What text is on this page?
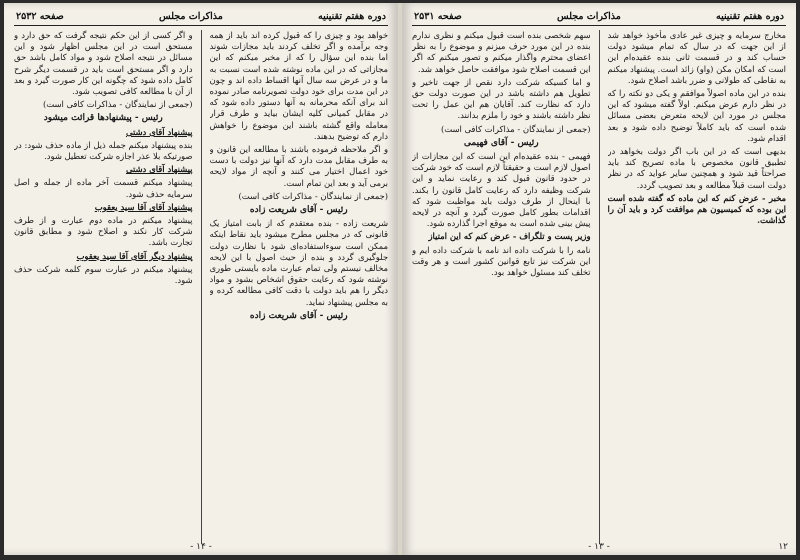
دوره هفتم تقنینیه
مذاکرات مجلس
صفحه ۲۵۳۲

خواهد بود و چیزی را که قبول کرده اند باید از همه وجه برآمده و اگر تخلف کردند باید مجازات شوند اما بنده این سؤال را که از مخبر میکنم که این مجازاتی که در این ماده نوشته شده است نسبت به ما و در عرض سه سال آنها اقساط داده اند و چون در این مدت برای خود دولت تصویرنامه صادر نموده اند برای آنکه محرمانه به آنها دستور داده شود که در مقابل کمیانی کلیه ایشان بیاید و طرف قرار معامله واقع گشته باشند این موضوع را خواهش دارم که توضیح بدهند.

و اگر ملاحظه فرموده باشند با مطالعه این قانون و به طرف مقابل مدت دارد که آنها نیز دولت با دست خود اعمال اختیار می کنند و آنچه از مواد لایحه برمی آید و بعد این تمام است.

(جمعی از نمایندگان - مذاکرات کافی است)

رئیس - آقای شریعت زاده

شریعت زاده - بنده معتقدم که از بابت امتیاز یک قانونی که در مجلس مطرح میشود باید نقاط اینکه ممکن است سوءاستفاده‌ای شود با نظارت دولت جلوگیری گردد و بنده از حیث اصول با این لایحه مخالف نیستم ولی تمام عبارت ماده بایستی طوری نوشته شود که رعایت حقوق اشخاص بشود و مواد دیگر را هم باید دولت با دقت کافی مطالعه کرده و به مجلس پیشنهاد نماید.

رئیس - آقای شریعت زاده

و اگر کسی از این حکم نتیجه گرفت که حق دارد و مستحق است در این مجلس اظهار شود و این مسائل در نتیجه اصلاح شود و مواد کامل باشد حق دارد و اگر مستحق است باید در قسمت دیگر شرح کامل داده شود که چگونه این کار صورت گیرد و بعد از آن با مطالعه کافی تصویب شود.

(جمعی از نمایندگان - مذاکرات کافی است)

رئیس - پیشنهادها قرائت میشود

پیشنهاد آقای دشتی

بنده پیشنهاد میکنم جمله ذیل از ماده حذف شود: در صورتیکه بلا عذر اجازه شرکت تعطیل شود.

پیشنهاد آقای دشتی

پیشنهاد میکنم قسمت آخر ماده از جمله و اصل سرمایه حذف شود.

پیشنهاد آقای آقا سید یعقوب

پیشنهاد میکنم در ماده دوم عبارت و از طرف شرکت کار نکند و اصلاح شود و مطابق قانون تجارت باشد.

پیشنهاد دیگر آقای آقا سید یعقوب

پیشنهاد میکنم در عبارت سوم کلمه شرکت حذف شود.

- ۱۴ -
دوره هفتم تقنینیه
مذاکرات مجلس
صفحه ۲۵۳۱

مخارج سرمایه و چیزی غیر عادی مأخوذ خواهد شد از این جهت که در سال که تمام میشود دولت حساب کند و در قسمت ثانی بنده عقیده‌ام این است که امکان مکن (واو) زائد است. پیشنهاد میکنم به نقاطی که طولانی و ضرر باشد اصلاح شود.

بنده در این ماده اصولاً موافقم و یکی دو نکته را که در نظر دارم عرض میکنم. اولاً گفته میشود که این مجلس در مورد این لایحه متعرض بعضی مسائل شده است که باید کاملاً توضیح داده شود و بعد اقدام شود.

بدیهی است که در این باب اگر دولت بخواهد در تطبیق قانون مخصوص با ماده تصریح کند باید صراحتاً قید شود و همچنین سایر عواید که در نظر دولت است قبلاً مطالعه و بعد تصویب گردد.

مخبر - عرض کنم که این ماده که گفته شده است این بوده که کمیسیون هم موافقت کرد و باید آن را گذاشت.

سهم شخصی بنده است قبول میکنم و نظری ندارم بنده در این مورد حرف میزنم و موضوع را به نظر اعضای محترم واگذار میکنم و تصور میکنم که اگر این قسمت اصلاح شود موافقت حاصل خواهد شد.

و اما کسیکه شرکت دارد نقص از جهت تاخیر و تطویل هم داشته باشد در این صورت دولت حق دارد که نظارت کند. آقایان هم این عمل را تحت نظر داشته باشند و خود را ملزم بدانند.

(جمعی از نمایندگان - مذاکرات کافی است)

رئیس - آقای فهیمی

فهیمی - بنده عقیده‌ام این است که این مجازات از اصول لازم است و حقیقتاً لازم است که خود شرکت در حدود قانون قبول کند و رعایت نماید و این شرکت وظیفه دارد که رعایت کامل قانون را بکند. با اینحال از طرف دولت باید مواظبت شود که اقدامات بطور کامل صورت گیرد و آنچه در لایحه پیش بینی شده است به موقع اجرا گذارده شود.

وزیر پست و تلگراف - عرض کنم که این امتیاز

نامه را با شرکت داده اند نامه با شرکت داده ایم و این شرکت نیز تابع قوانین کشور است و هر وقت تخلف کند مسئول خواهد بود.

- ۱۳ -	۱۲
